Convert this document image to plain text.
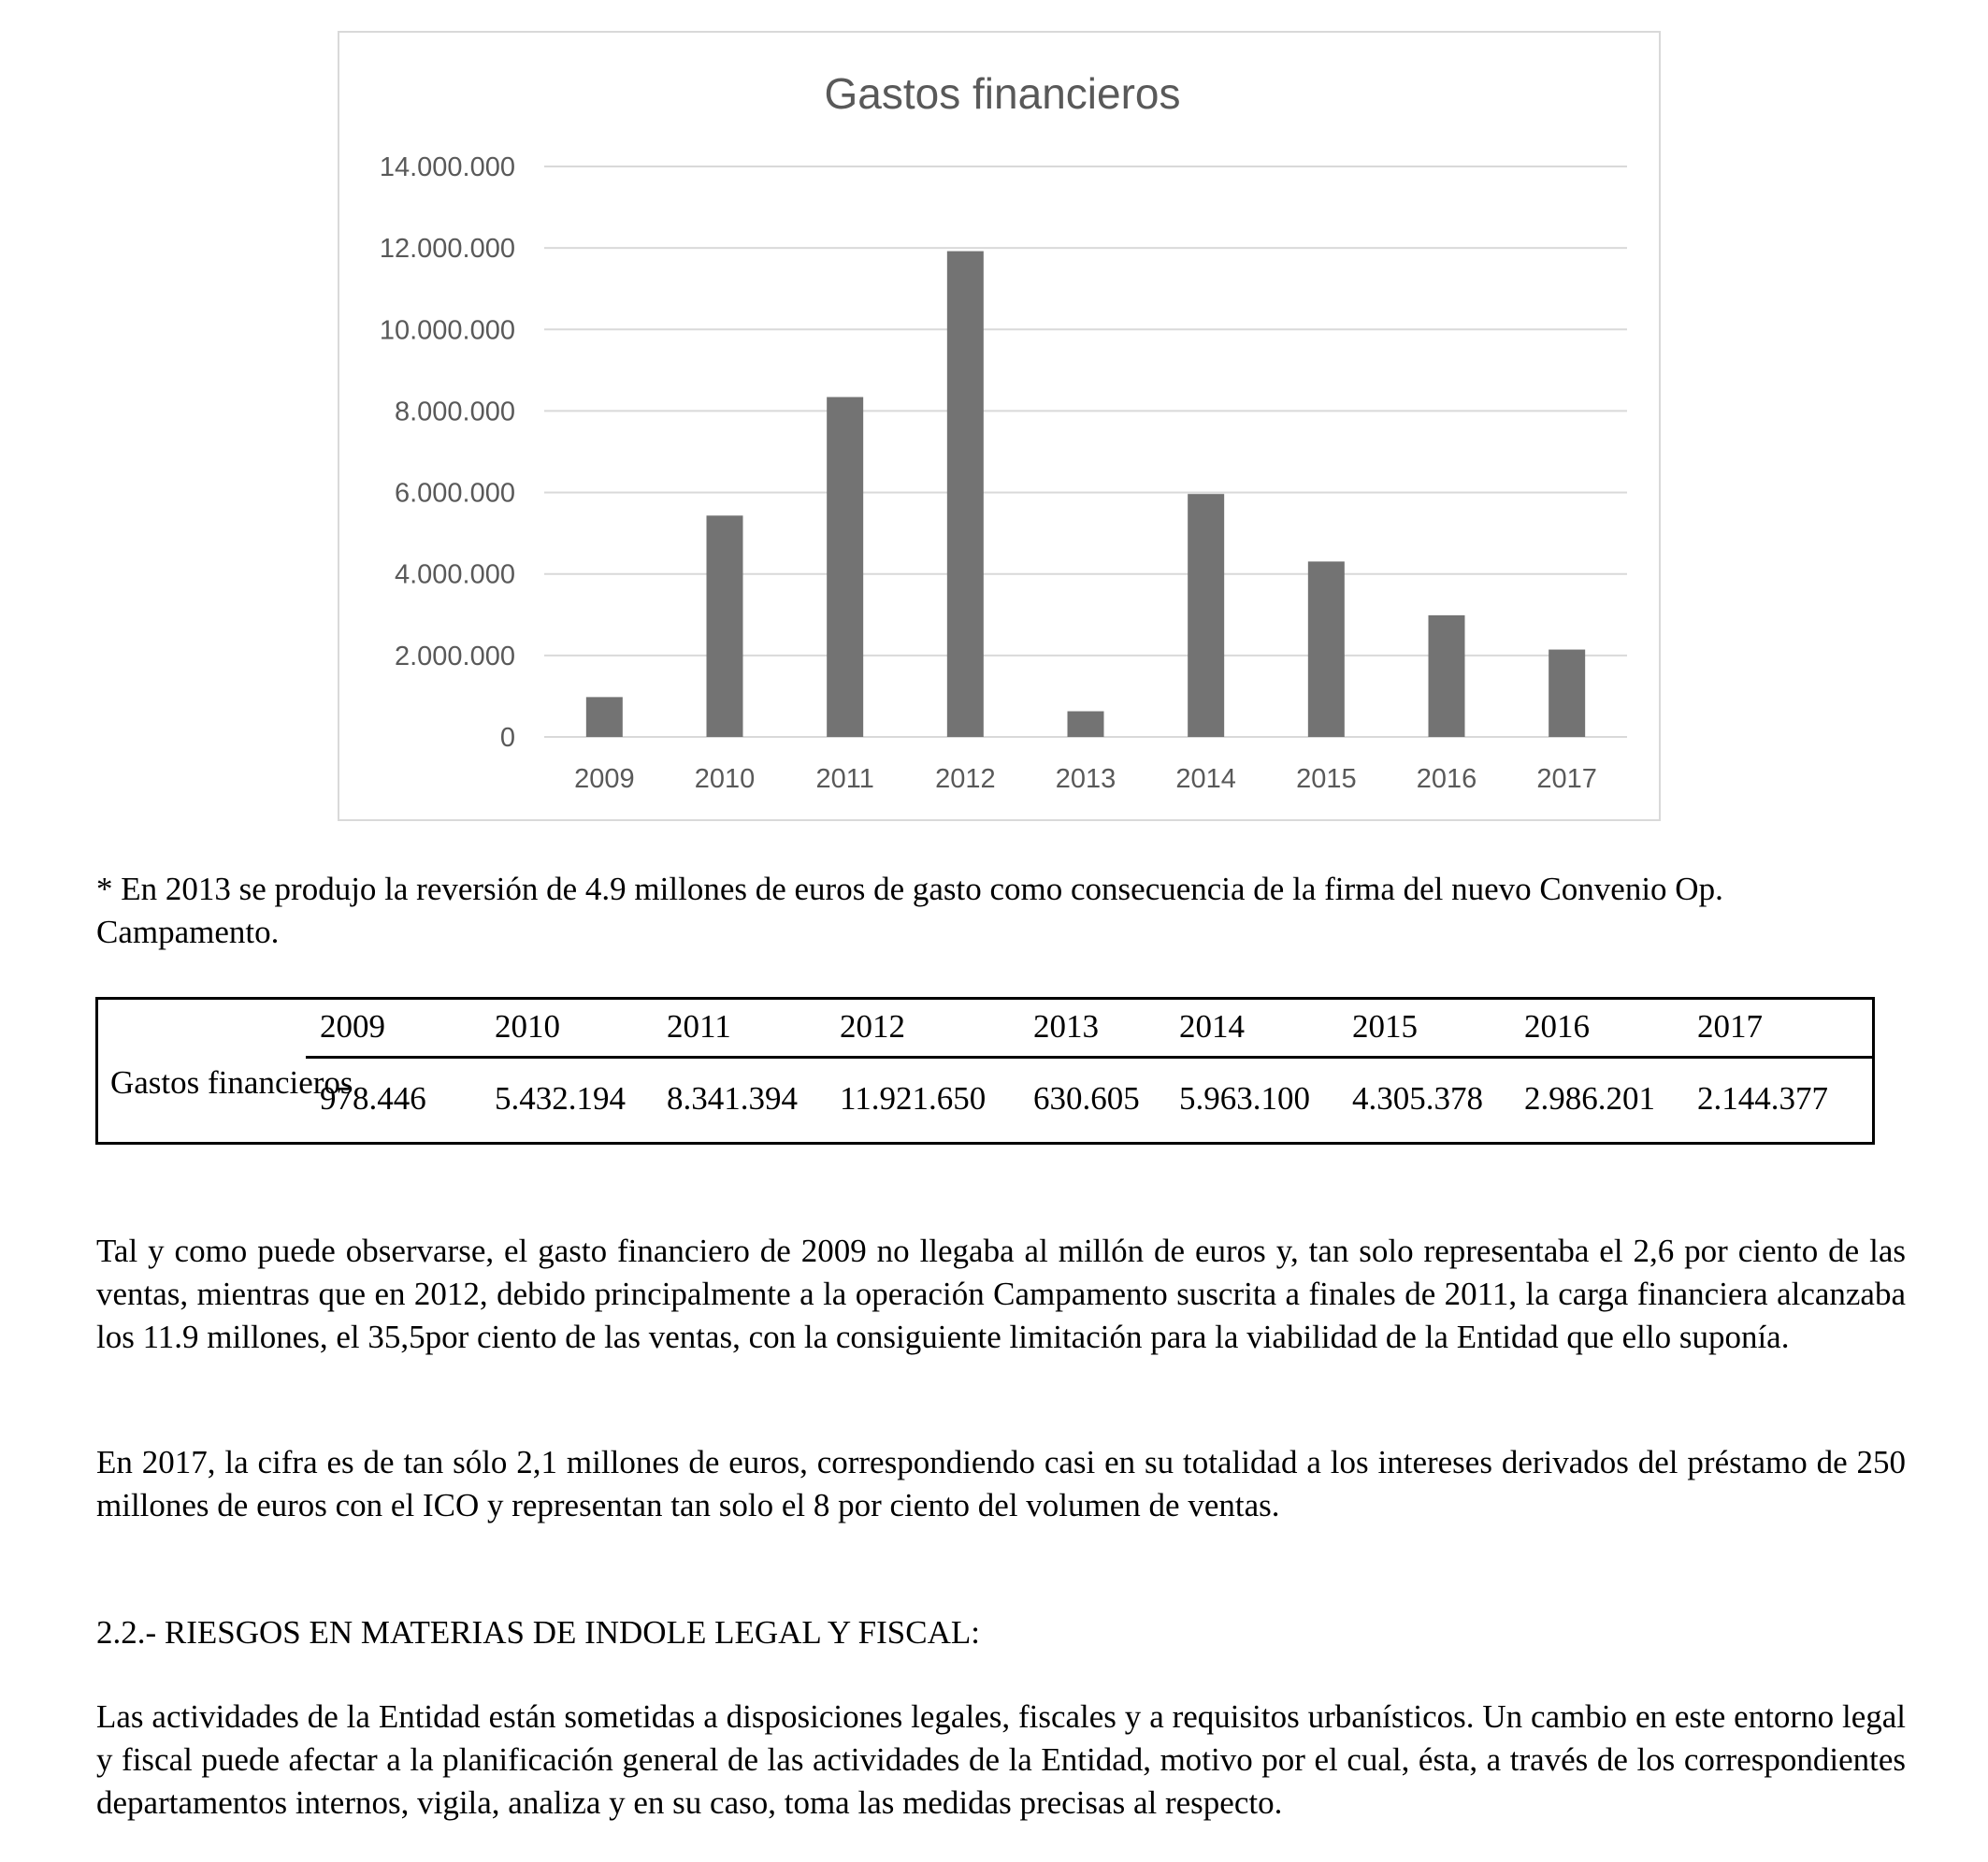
Gastos financieros
0
2.000.000
4.000.000
6.000.000
8.000.000
10.000.000
12.000.000
14.000.000
2009 2010 2011 2012 2013 2014 2015 2016 2017
* En 2013 se produjo la reversión de 4.9 millones de euros de gasto como consecuencia de la firma del nuevo Convenio Op. Campamento.
Gastos financieros
2009	2010	2011	2012	2013 2014	2015	2016	2017
978.446 5.432.194 8.341.394 11.921.650 630.605 5.963.100 4.305.378 2.986.201 2.144.377
Tal y como puede observarse, el gasto financiero de 2009 no llegaba al millón de euros y, tan solo representaba el 2,6 por ciento de las ventas, mientras que en 2012, debido principalmente a la operación Campamento suscrita a finales de 2011, la carga financiera alcanzaba los 11.9 millones, el 35,5por ciento de las ventas, con la consiguiente limitación para la viabilidad de la Entidad que ello suponía.
En 2017, la cifra es de tan sólo 2,1 millones de euros, correspondiendo casi en su totalidad a los intereses derivados del préstamo de 250 millones de euros con el ICO y representan tan solo el 8 por ciento del volumen de ventas.
2.2.- RIESGOS EN MATERIAS DE INDOLE LEGAL Y FISCAL:
Las actividades de la Entidad están sometidas a disposiciones legales, fiscales y a requisitos urbanísticos. Un cambio en este entorno legal y fiscal puede afectar a la planificación general de las actividades de la Entidad, motivo por el cual, ésta, a través de los correspondientes departamentos internos, vigila, analiza y en su caso, toma las medidas precisas al respecto.
